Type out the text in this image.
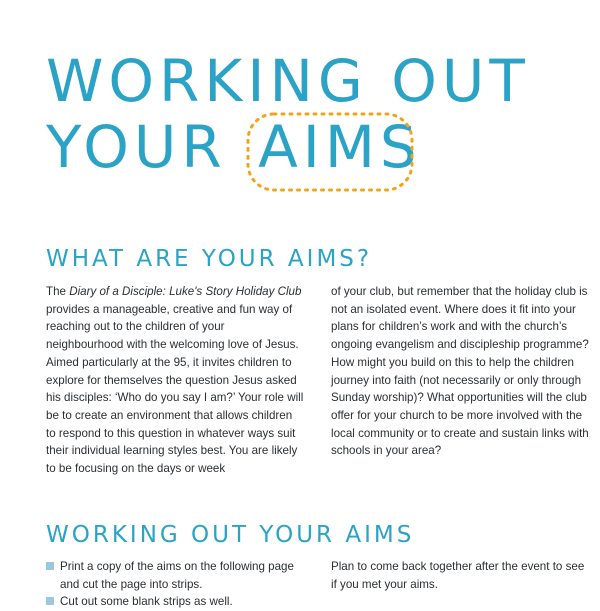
WORKING OUT
YOUR AIMS
WHAT ARE YOUR AIMS?

The Diary of a Disciple: Luke's Story Holiday Club provides a manageable, creative and fun way of reaching out to the children of your neighbourhood with the welcoming love of Jesus. Aimed particularly at the 95, it invites children to explore for themselves the question Jesus asked his disciples: ‘Who do you say I am?’ Your role will be to create an environment that allows children to respond to this question in whatever ways suit their individual learning styles best. You are likely to be focusing on the days or week

of your club, but remember that the holiday club is not an isolated event. Where does it fit into your plans for children’s work and with the church’s ongoing evangelism and discipleship programme? How might you build on this to help the children journey into faith (not necessarily or only through Sunday worship)? What opportunities will the club offer for your church to be more involved with the local community or to create and sustain links with schools in your area?

WORKING OUT YOUR AIMS
Print a copy of the aims on the following page and cut the page into strips.
Cut out some blank strips as well.
Plan to come back together after the event to see if you met your aims.
